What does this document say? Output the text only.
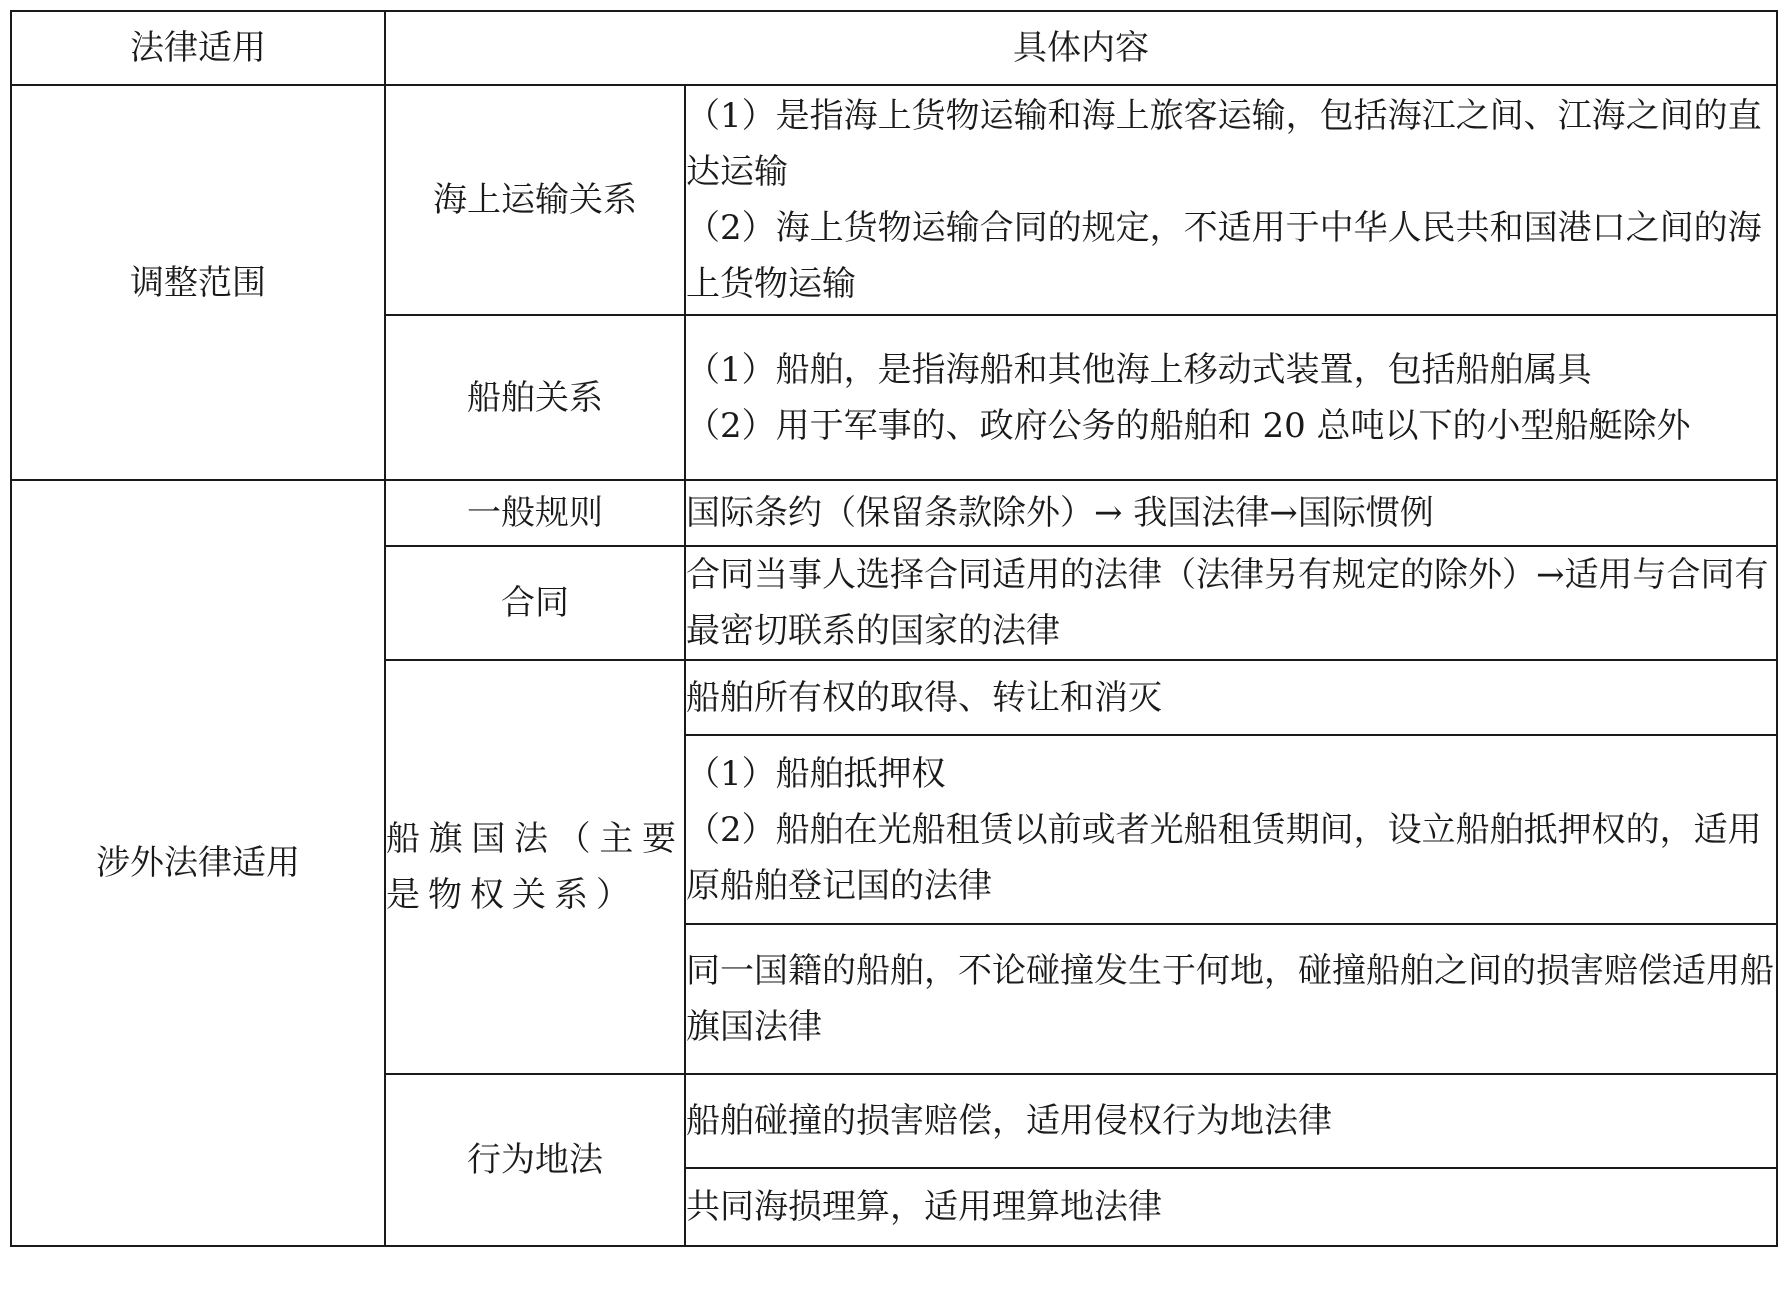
法律适用	具体内容	
调整范围	海上运输关系	（1）是指海上货物运输和海上旅客运输，包括海江之间、江海之间的直达运输
（2）海上货物运输合同的规定，不适用于中华人民共和国港口之间的海上货物运输

	船舶关系	（1）船舶，是指海船和其他海上移动式装置，包括船舶属具
（2）用于军事的、政府公务的船舶和 20 总吨以下的小型船艇除外

涉外法律适用	一般规则	国际条约（保留条款除外）→ 我国法律→国际惯例

	合同	合同当事人选择合同适用的法律（法律另有规定的除外）→适用与合同有最密切联系的国家的法律

	船旗国法（主要是物权关系）	船舶所有权的取得、转让和消灭

		（1）船舶抵押权
（2）船舶在光船租赁以前或者光船租赁期间，设立船舶抵押权的，适用原船舶登记国的法律

		同一国籍的船舶，不论碰撞发生于何地，碰撞船舶之间的损害赔偿适用船旗国法律

	行为地法	船舶碰撞的损害赔偿，适用侵权行为地法律

		共同海损理算，适用理算地法律
